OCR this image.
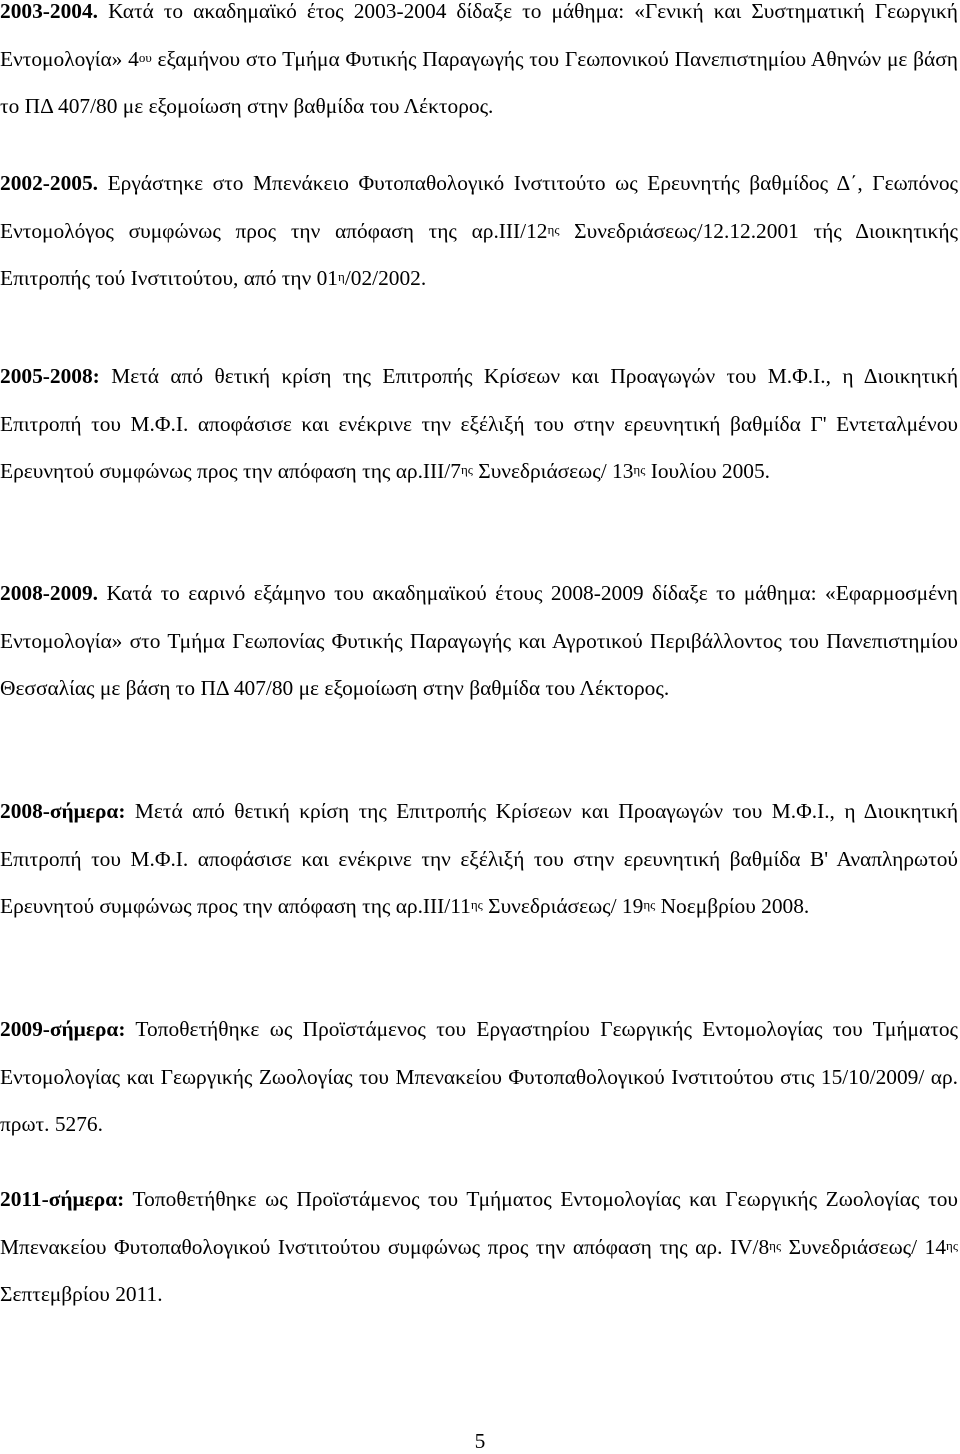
2003-2004. Κατά το ακαδημαϊκό έτος 2003-2004 δίδαξε το μάθημα: «Γενική και Συστηματική Γεωργική Εντομολογία» $4^{o\upsilon}$ εξαμήνου στο Τμήμα Φυτικής Παραγωγής του Γεωπονικού Πανεπιστημίου Αθηνών με βάση το ΠΔ 407/80 με εξομοίωση στην βαθμίδα του Λέκτορος.

2002-2005. Εργάστηκε στο Μπενάκειο Φυτοπαθολογικό Ινστιτούτο ως Ερευνητής βαθμίδος Δ΄, Γεωπόνος Εντομολόγος συμφώνως προς την απόφαση της $\alpha\rho.III/12^{\eta\varsigma}$ Συνεδριάσεως/12.12.2001 τής Διοικητικής Επιτροπής τού Ινστιτούτου, από την $01^\eta/02/2002$.

2005-2008: Μετά από θετική κρίση της Επιτροπής Κρίσεων και Προαγωγών του Μ.Φ.Ι., η Διοικητική Επιτροπή του Μ.Φ.Ι. αποφάσισε και ενέκρινε την εξέλιξή του στην ερευνητική βαθμίδα Γ' Εντεταλμένου Ερευνητού συμφώνως προς την απόφαση της $\alpha\rho.III/7^{\eta\varsigma}$ Συνεδριάσεως/ $13^{\eta\varsigma}$ Ιουλίου 2005.

2008-2009. Κατά το εαρινό εξάμηνο του ακαδημαϊκού έτους 2008-2009 δίδαξε το μάθημα: «Εφαρμοσμένη Εντομολογία» στο Τμήμα Γεωπονίας Φυτικής Παραγωγής και Αγροτικού Περιβάλλοντος του Πανεπιστημίου Θεσσαλίας με βάση το ΠΔ 407/80 με εξομοίωση στην βαθμίδα του Λέκτορος.

2008-σήμερα: Μετά από θετική κρίση της Επιτροπής Κρίσεων και Προαγωγών του Μ.Φ.Ι., η Διοικητική Επιτροπή του Μ.Φ.Ι. αποφάσισε και ενέκρινε την εξέλιξή του στην ερευνητική βαθμίδα Β' Αναπληρωτού Ερευνητού συμφώνως προς την απόφαση της $\alpha\rho.III/11^{\eta\varsigma}$ Συνεδριάσεως/ $19^{\eta\varsigma}$ Νοεμβρίου 2008.

2009-σήμερα: Τοποθετήθηκε ως Προϊστάμενος του Εργαστηρίου Γεωργικής Εντομολογίας του Τμήματος Εντομολογίας και Γεωργικής Ζωολογίας του Μπενακείου Φυτοπαθολογικού Ινστιτούτου στις 15/10/2009/ αρ. πρωτ. 5276.

2011-σήμερα: Τοποθετήθηκε ως Προϊστάμενος του Τμήματος Εντομολογίας και Γεωργικής Ζωολογίας του Μπενακείου Φυτοπαθολογικού Ινστιτούτου συμφώνως προς την απόφαση της αρ. $IV/8^{\eta\varsigma}$ Συνεδριάσεως/ $14^{\eta\varsigma}$ Σεπτεμβρίου 2011.

5
